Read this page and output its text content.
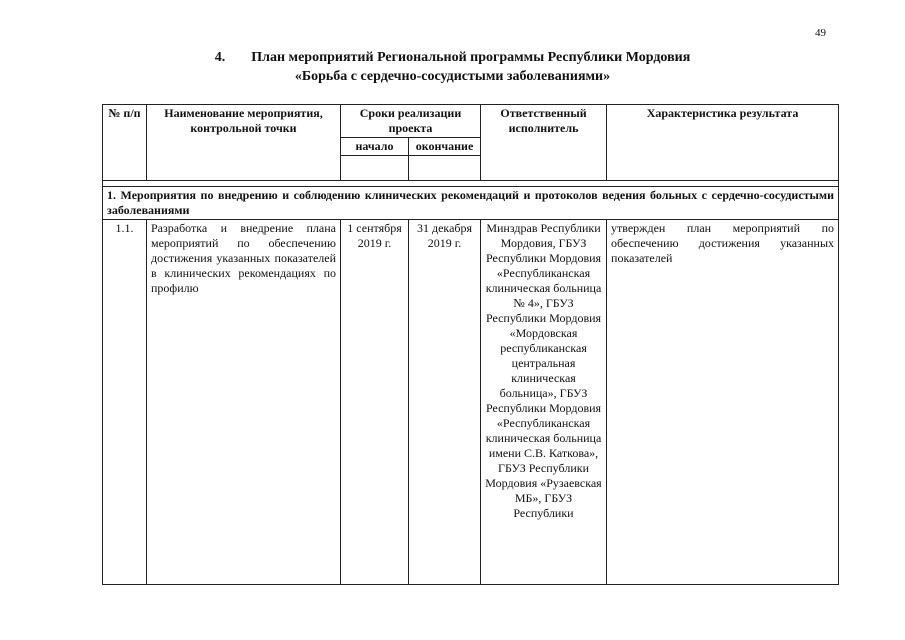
49
4. План мероприятий Региональной программы Республики Мордовия
«Борьба с сердечно-сосудистыми заболеваниями»
№ п/п	Наименование мероприятия, контрольной точки	Сроки реализации проекта		Ответственный исполнитель	Характеристика результата
		начало	окончание		

1. Мероприятия по внедрению и соблюдению клинических рекомендаций и протоколов ведения больных с сердечно-сосудистыми заболеваниями					
1.1.	Разработка и внедрение плана мероприятий по обеспечению достижения указанных показателей в клинических рекомендациях по профилю	1 сентября 2019 г.	31 декабря 2019 г.	Минздрав Республики Мордовия, ГБУЗ Республики Мордовия «Республиканская клиническая больница № 4», ГБУЗ Республики Мордовия «Мордовская республиканская центральная клиническая больница», ГБУЗ Республики Мордовия «Республиканская клиническая больница имени С.В. Каткова», ГБУЗ Республики Мордовия «Рузаевская МБ», ГБУЗ Республики	утвержден план мероприятий по обеспечению достижения указанных показателей
